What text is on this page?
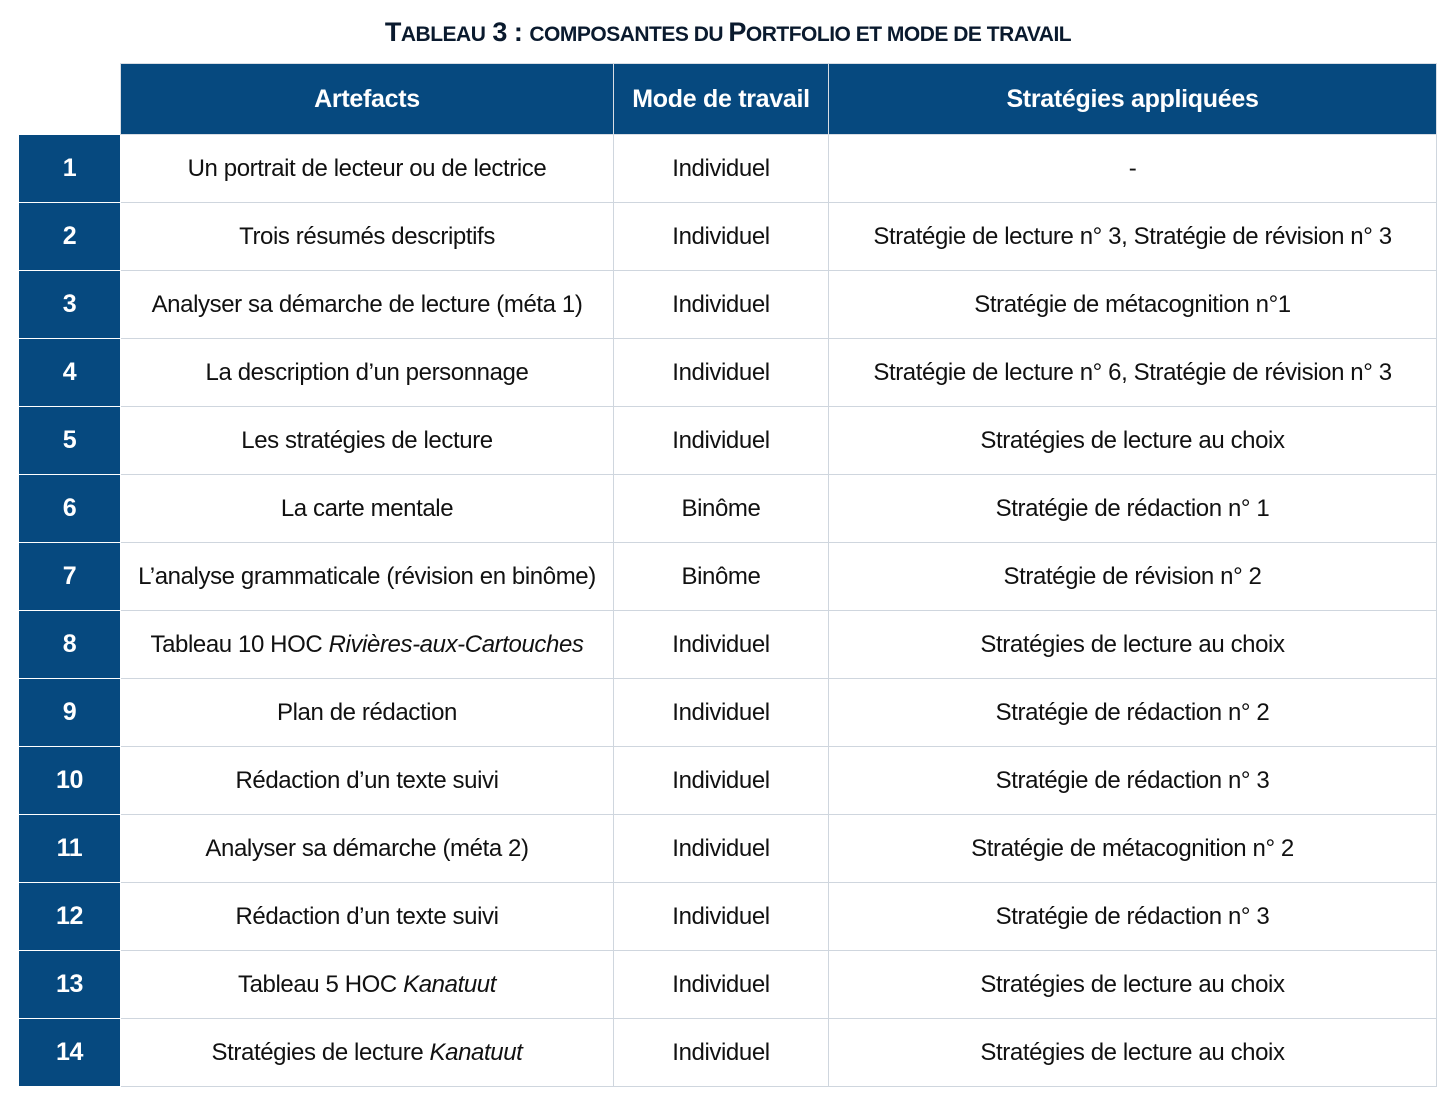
TABLEAU 3 : COMPOSANTES DU PORTFOLIO ET MODE DE TRAVAIL
	Artefacts	Mode de travail	Stratégies appliquées
1	Un portrait de lecteur ou de lectrice	Individuel	-
2	Trois résumés descriptifs	Individuel	Stratégie de lecture n° 3, Stratégie de révision n° 3
3	Analyser sa démarche de lecture (méta 1)	Individuel	Stratégie de métacognition n°1
4	La description d’un personnage	Individuel	Stratégie de lecture n° 6, Stratégie de révision n° 3
5	Les stratégies de lecture	Individuel	Stratégies de lecture au choix
6	La carte mentale	Binôme	Stratégie de rédaction n° 1
7	L’analyse grammaticale (révision en binôme)	Binôme	Stratégie de révision n° 2
8	Tableau 10 HOC Rivières-aux-Cartouches	Individuel	Stratégies de lecture au choix
9	Plan de rédaction	Individuel	Stratégie de rédaction n° 2
10	Rédaction d’un texte suivi	Individuel	Stratégie de rédaction n° 3
11	Analyser sa démarche (méta 2)	Individuel	Stratégie de métacognition n° 2
12	Rédaction d’un texte suivi	Individuel	Stratégie de rédaction n° 3
13	Tableau 5 HOC Kanatuut	Individuel	Stratégies de lecture au choix
14	Stratégies de lecture Kanatuut	Individuel	Stratégies de lecture au choix
